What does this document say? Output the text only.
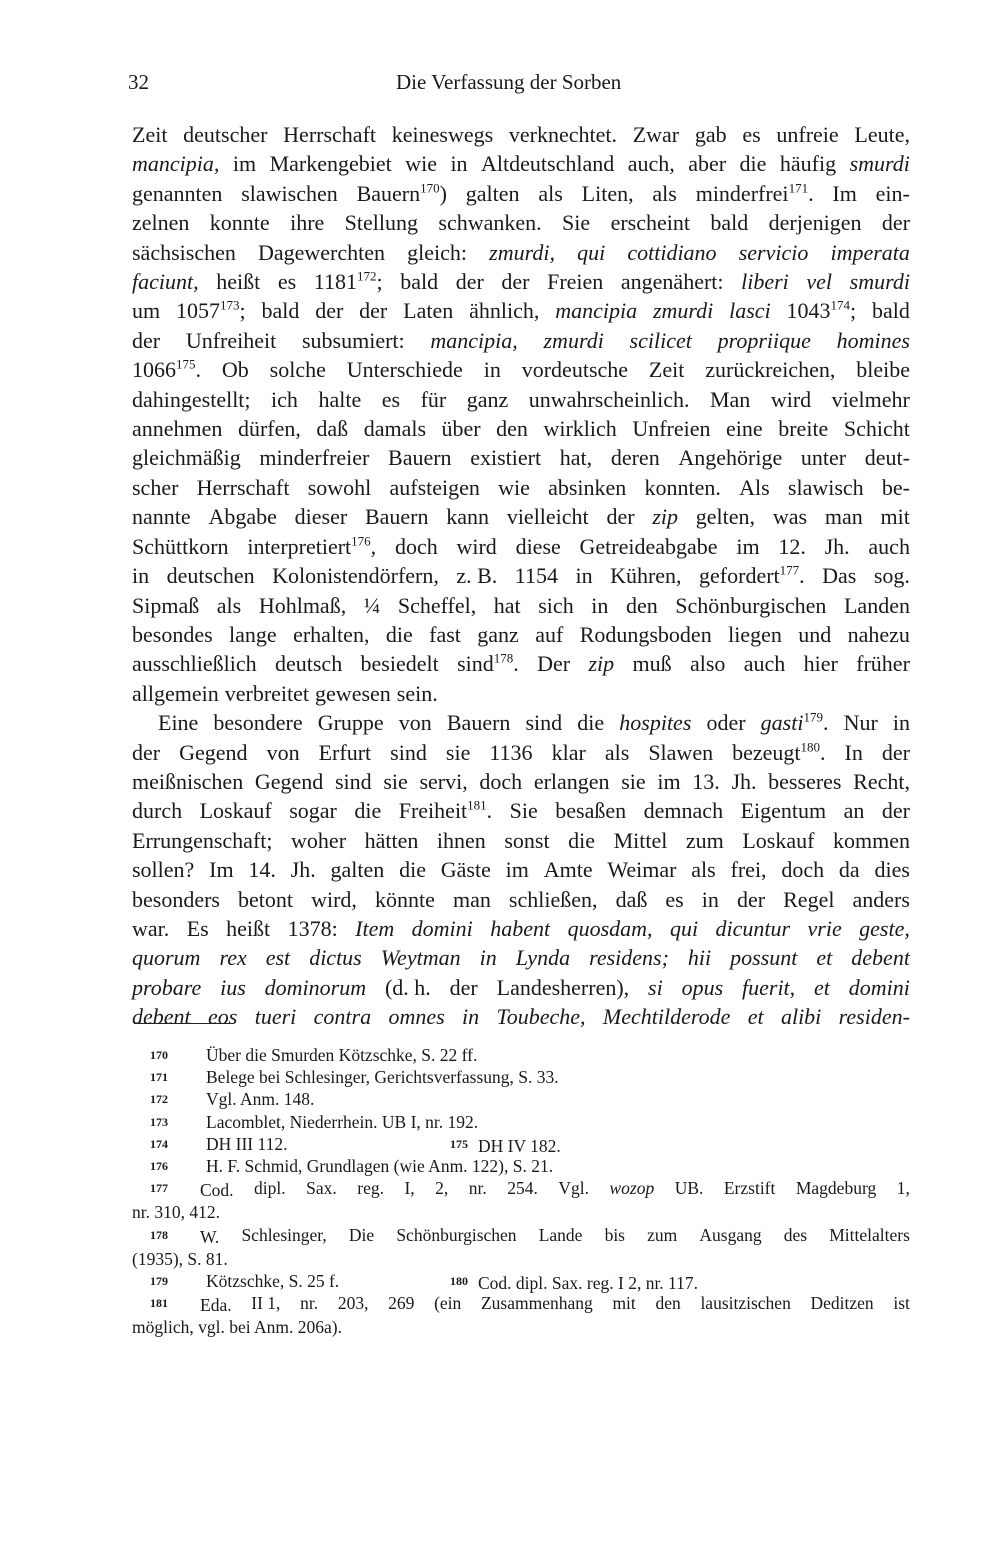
32	Die Verfassung der Sorben
Zeit deutscher Herrschaft keineswegs verknechtet. Zwar gab es unfreie Leute,
mancipia, im Markengebiet wie in Altdeutschland auch, aber die häufig smurdi
genannten slawischen Bauern$^{170}$) galten als Liten, als minderfrei$^{171}$. Im ein-
zelnen konnte ihre Stellung schwanken. Sie erscheint bald derjenigen der
sächsischen Dagewerchten gleich: zmurdi, qui cottidiano servicio imperata
faciunt, heißt es 1181$^{172}$; bald der der Freien angenähert: liberi vel smurdi
um 1057$^{173}$; bald der der Laten ähnlich, mancipia zmurdi lasci 1043$^{174}$; bald
der Unfreiheit subsumiert: mancipia, zmurdi scilicet propriique homines
1066$^{175}$. Ob solche Unterschiede in vordeutsche Zeit zurückreichen, bleibe
dahingestellt; ich halte es für ganz unwahrscheinlich. Man wird vielmehr
annehmen dürfen, daß damals über den wirklich Unfreien eine breite Schicht
gleichmäßig minderfreier Bauern existiert hat, deren Angehörige unter deut-
scher Herrschaft sowohl aufsteigen wie absinken konnten. Als slawisch be-
nannte Abgabe dieser Bauern kann vielleicht der zip gelten, was man mit
Schüttkorn interpretiert$^{176}$, doch wird diese Getreideabgabe im 12. Jh. auch
in deutschen Kolonistendörfern, z. B. 1154 in Kühren, gefordert$^{177}$. Das sog.
Sipmaß als Hohlmaß, ¼ Scheffel, hat sich in den Schönburgischen Landen
besondes lange erhalten, die fast ganz auf Rodungsboden liegen und nahezu
ausschließlich deutsch besiedelt sind$^{178}$. Der zip muß also auch hier früher
allgemein verbreitet gewesen sein.
Eine besondere Gruppe von Bauern sind die hospites oder gasti$^{179}$. Nur in
der Gegend von Erfurt sind sie 1136 klar als Slawen bezeugt$^{180}$. In der
meißnischen Gegend sind sie servi, doch erlangen sie im 13. Jh. besseres Recht,
durch Loskauf sogar die Freiheit$^{181}$. Sie besaßen demnach Eigentum an der
Errungenschaft; woher hätten ihnen sonst die Mittel zum Loskauf kommen
sollen? Im 14. Jh. galten die Gäste im Amte Weimar als frei, doch da dies
besonders betont wird, könnte man schließen, daß es in der Regel anders
war. Es heißt 1378: Item domini habent quosdam, qui dicuntur vrie geste,
quorum rex est dictus Weytman in Lynda residens; hii possunt et debent
probare ius dominorum (d. h. der Landesherren), si opus fuerit, et domini
debent eos tueri contra omnes in Toubeche, Mechtilderode et alibi residen-
170	Über die Smurden Kötzschke, S. 22 ff.
171	Belege bei Schlesinger, Gerichtsverfassung, S. 33.
172	Vgl. Anm. 148.
173	Lacomblet, Niederrhein. UB I, nr. 192.
174	DH III 112.	$^{175}$ DH IV 182.
176	H. F. Schmid, Grundlagen (wie Anm. 122), S. 21.
177 Cod. dipl. Sax. reg. I, 2, nr. 254. Vgl. wozop UB. Erzstift Magdeburg 1,
nr. 310, 412.
178 W. Schlesinger, Die Schönburgischen Lande bis zum Ausgang des Mittelalters
(1935), S. 81.
179	Kötzschke, S. 25 f.	$^{180}$ Cod. dipl. Sax. reg. I 2, nr. 117.
181 Eda. II 1, nr. 203, 269 (ein Zusammenhang mit den lausitzischen Deditzen ist
möglich, vgl. bei Anm. 206a).
